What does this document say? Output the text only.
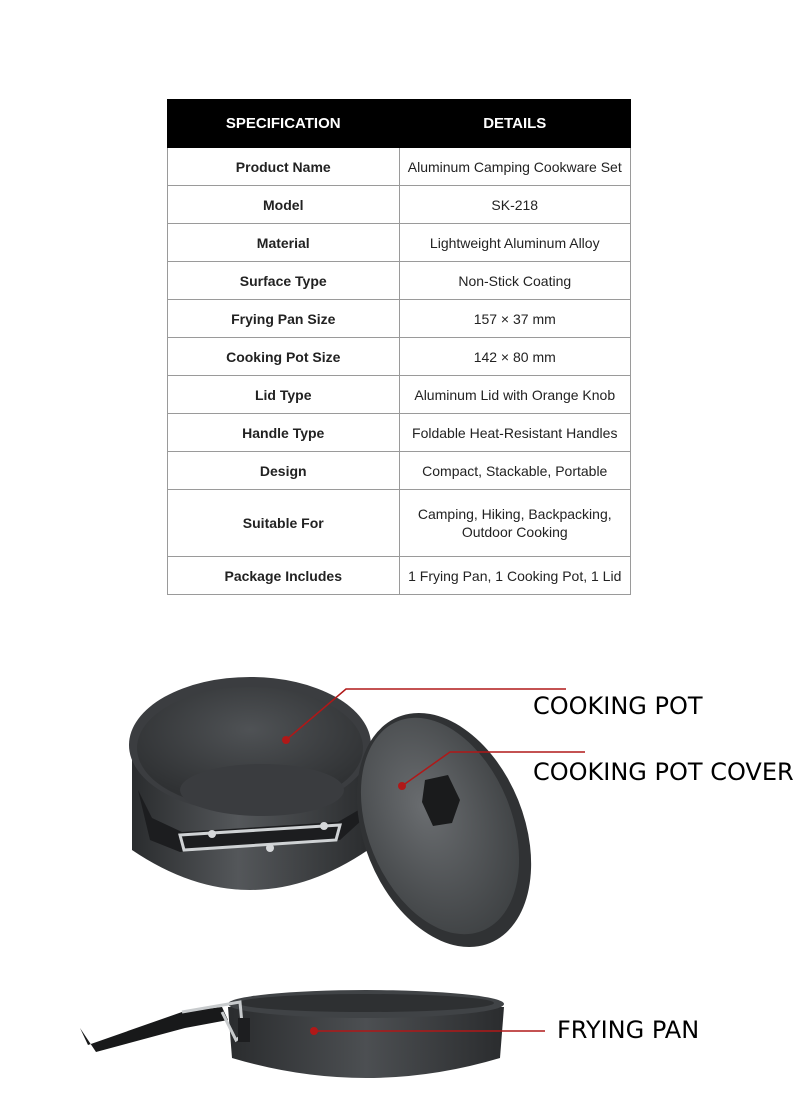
SPECIFICATION	DETAILS
Product Name	Aluminum Camping Cookware Set
Model	SK-218
Material	Lightweight Aluminum Alloy
Surface Type	Non-Stick Coating
Frying Pan Size	157 × 37 mm
Cooking Pot Size	142 × 80 mm
Lid Type	Aluminum Lid with Orange Knob
Handle Type	Foldable Heat-Resistant Handles
Design	Compact, Stackable, Portable
Suitable For	Camping, Hiking, Backpacking, Outdoor Cooking
Package Includes	1 Frying Pan, 1 Cooking Pot, 1 Lid
COOKING POT
COOKING POT COVER
FRYING PAN
